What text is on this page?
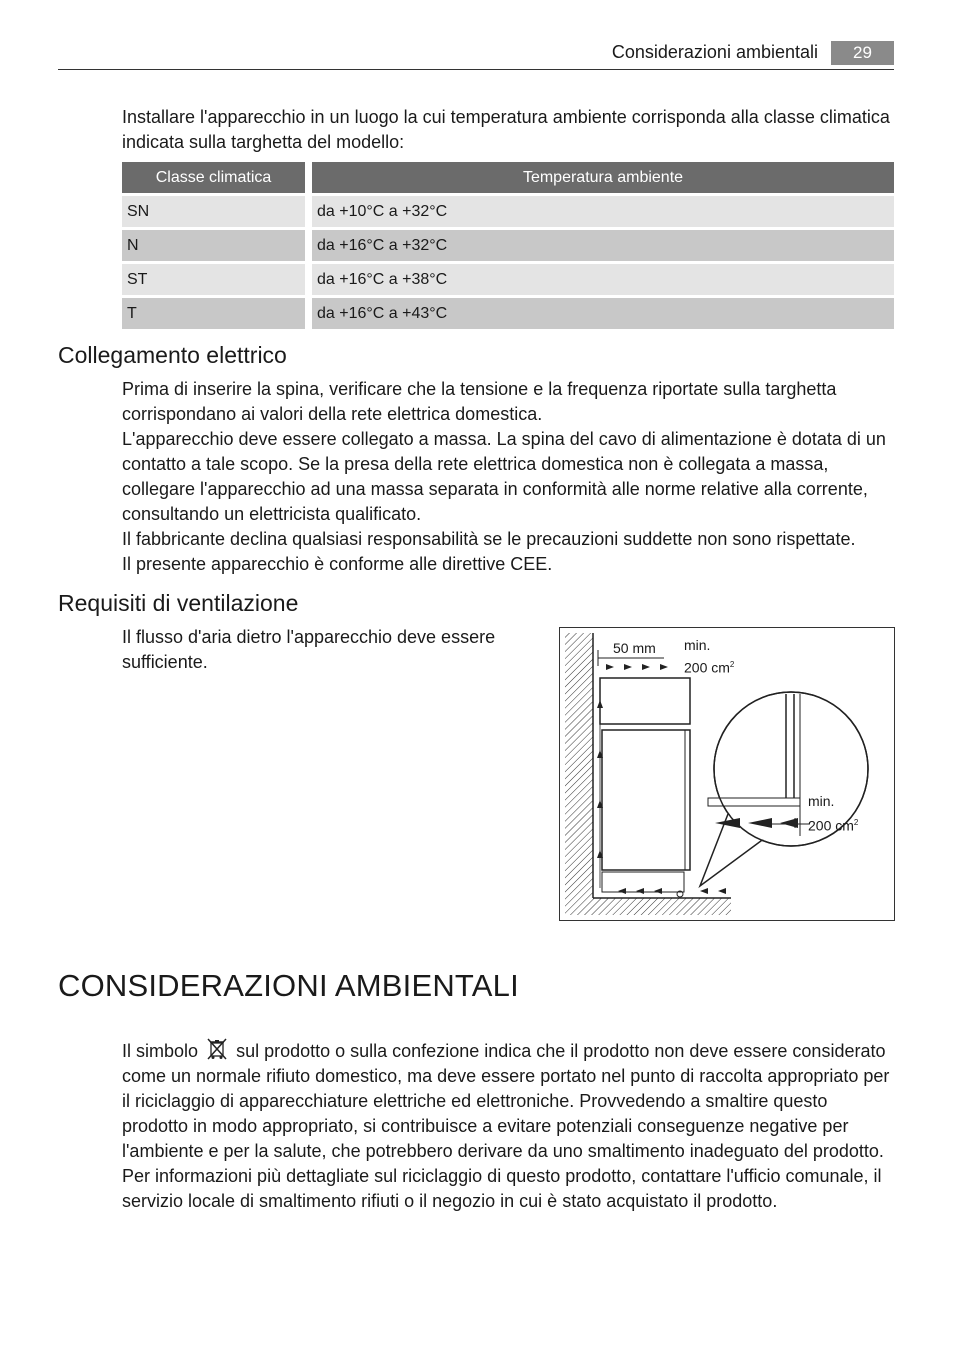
Considerazioni ambientali	29
Installare l'apparecchio in un luogo la cui temperatura ambiente corrisponda alla classe climatica indicata sulla targhetta del modello:
Classe climatica	Temperatura ambiente
SN	da +10°C a +32°C
N	da +16°C a +32°C
ST	da +16°C a +38°C
T	da +16°C a +43°C
Collegamento elettrico
Prima di inserire la spina, verificare che la tensione e la frequenza riportate sulla targhetta corrispondano ai valori della rete elettrica domestica.
L'apparecchio deve essere collegato a massa. La spina del cavo di alimentazione è dotata di un contatto a tale scopo. Se la presa della rete elettrica domestica non è collegata a massa, collegare l'apparecchio ad una massa separata in conformità alle norme relative alla corrente, consultando un elettricista qualificato.
Il fabbricante declina qualsiasi responsabilità se le precauzioni suddette non sono rispettate.
Il presente apparecchio è conforme alle direttive CEE.
Requisiti di ventilazione
Il flusso d'aria dietro l'apparecchio deve essere sufficiente.
50 mm min.
200 $cm^2$
min.
200 $cm^2$
CONSIDERAZIONI AMBIENTALI
Il simbolo sul prodotto o sulla confezione indica che il prodotto non deve essere considerato come un normale rifiuto domestico, ma deve essere portato nel punto di raccolta appropriato per il riciclaggio di apparecchiature elettriche ed elettroniche. Provvedendo a smaltire questo prodotto in modo appropriato, si contribuisce a evitare potenziali conseguenze negative per l'ambiente e per la salute, che potrebbero derivare da uno smaltimento inadeguato del prodotto. Per informazioni più dettagliate sul riciclaggio di questo prodotto, contattare l'ufficio comunale, il servizio locale di smaltimento rifiuti o il negozio in cui è stato acquistato il prodotto.
